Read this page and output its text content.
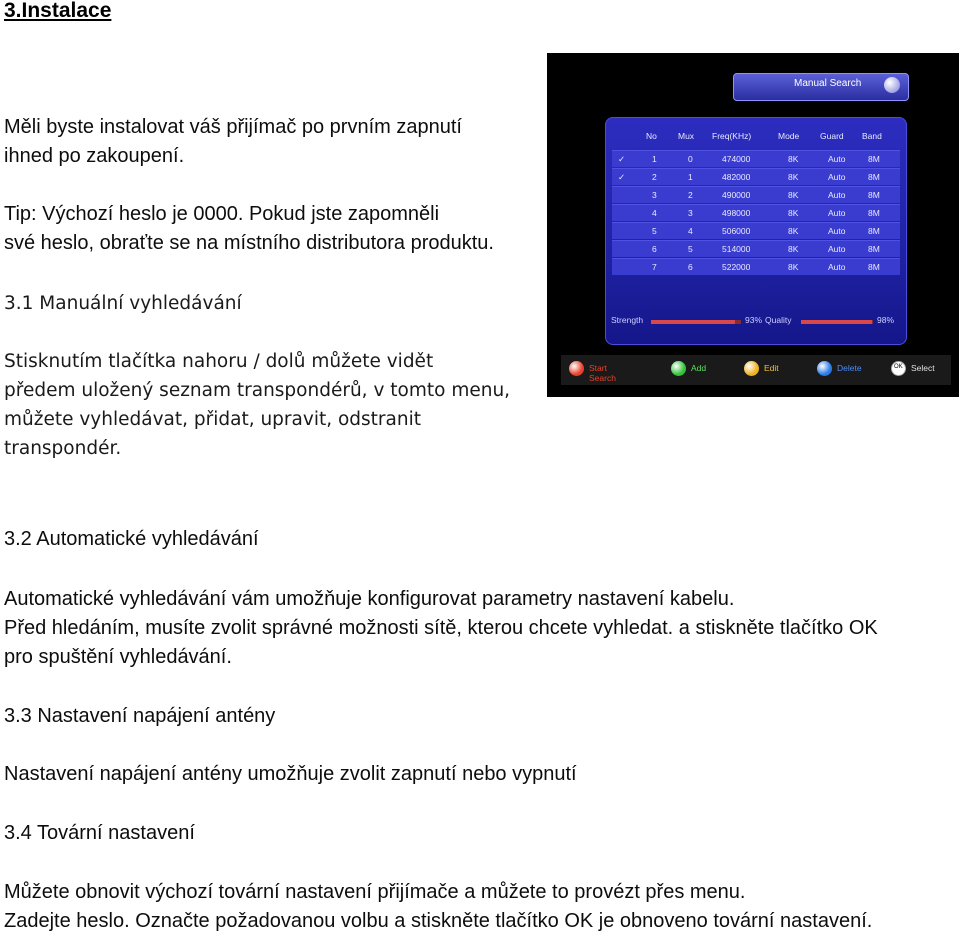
3.Instalace
Měli byste instalovat váš přijímač po prvním zapnutí
ihned po zakoupení.
Tip: Výchozí heslo je 0000. Pokud jste zapomněli
své heslo, obraťte se na místního distributora produktu.
3.1 Manuální vyhledávání
Stisknutím tlačítka nahoru / dolů můžete vidět
předem uložený seznam transpondérů, v tomto menu,
můžete vyhledávat, přidat, upravit, odstranit
transpondér.
3.2 Automatické vyhledávání
Automatické vyhledávání vám umožňuje konfigurovat parametry nastavení kabelu.
Před hledáním, musíte zvolit správné možnosti sítě, kterou chcete vyhledat. a stiskněte tlačítko OK
pro spuštění vyhledávání.
3.3 Nastavení napájení antény
Nastavení napájení antény umožňuje zvolit zapnutí nebo vypnutí
3.4 Tovární nastavení
Můžete obnovit výchozí tovární nastavení přijímače a můžete to provézt přes menu.
Zadejte heslo. Označte požadovanou volbu a stiskněte tlačítko OK je obnoveno tovární nastavení.
Manual Search
No Mux Freq(KHz)	Mode Guard Band
✓	1	0	474000	8K	Auto	8M
✓	2	1	482000	8K	Auto	8M
3	2	490000	8K	Auto	8M
4	3	498000	8K	Auto	8M
5	4	506000	8K	Auto	8M
6	5	514000	8K	Auto	8M
7	6	522000	8K	Auto	8M
Strength	93% Quality	98%
Start Search
Add	Edit	Delete	OK Select
